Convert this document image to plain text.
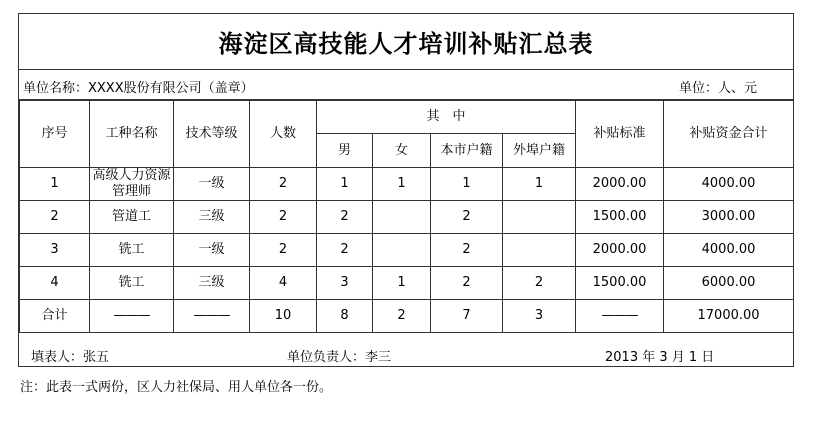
海淀区高技能人才培训补贴汇总表
单位名称：XXXX股份有限公司（盖章）	单位：人、元
序号	工种名称	技术等级	人数	其　中				补贴标准	补贴资金合计
				男	女	本市户籍	外埠户籍		
1	高级人力资源管理师	一级	2	1	1	1	1	2000.00	4000.00
2	管道工	三级	2	2		2		1500.00	3000.00
3	铣工	一级	2	2		2		2000.00	4000.00
4	铣工	三级	4	3	1	2	2	1500.00	6000.00
合计	———	———	10	8	2	7	3	———	17000.00
填表人：张五	单位负责人：李三	2013 年 3 月 1 日
注：此表一式两份，区人力社保局、用人单位各一份。
